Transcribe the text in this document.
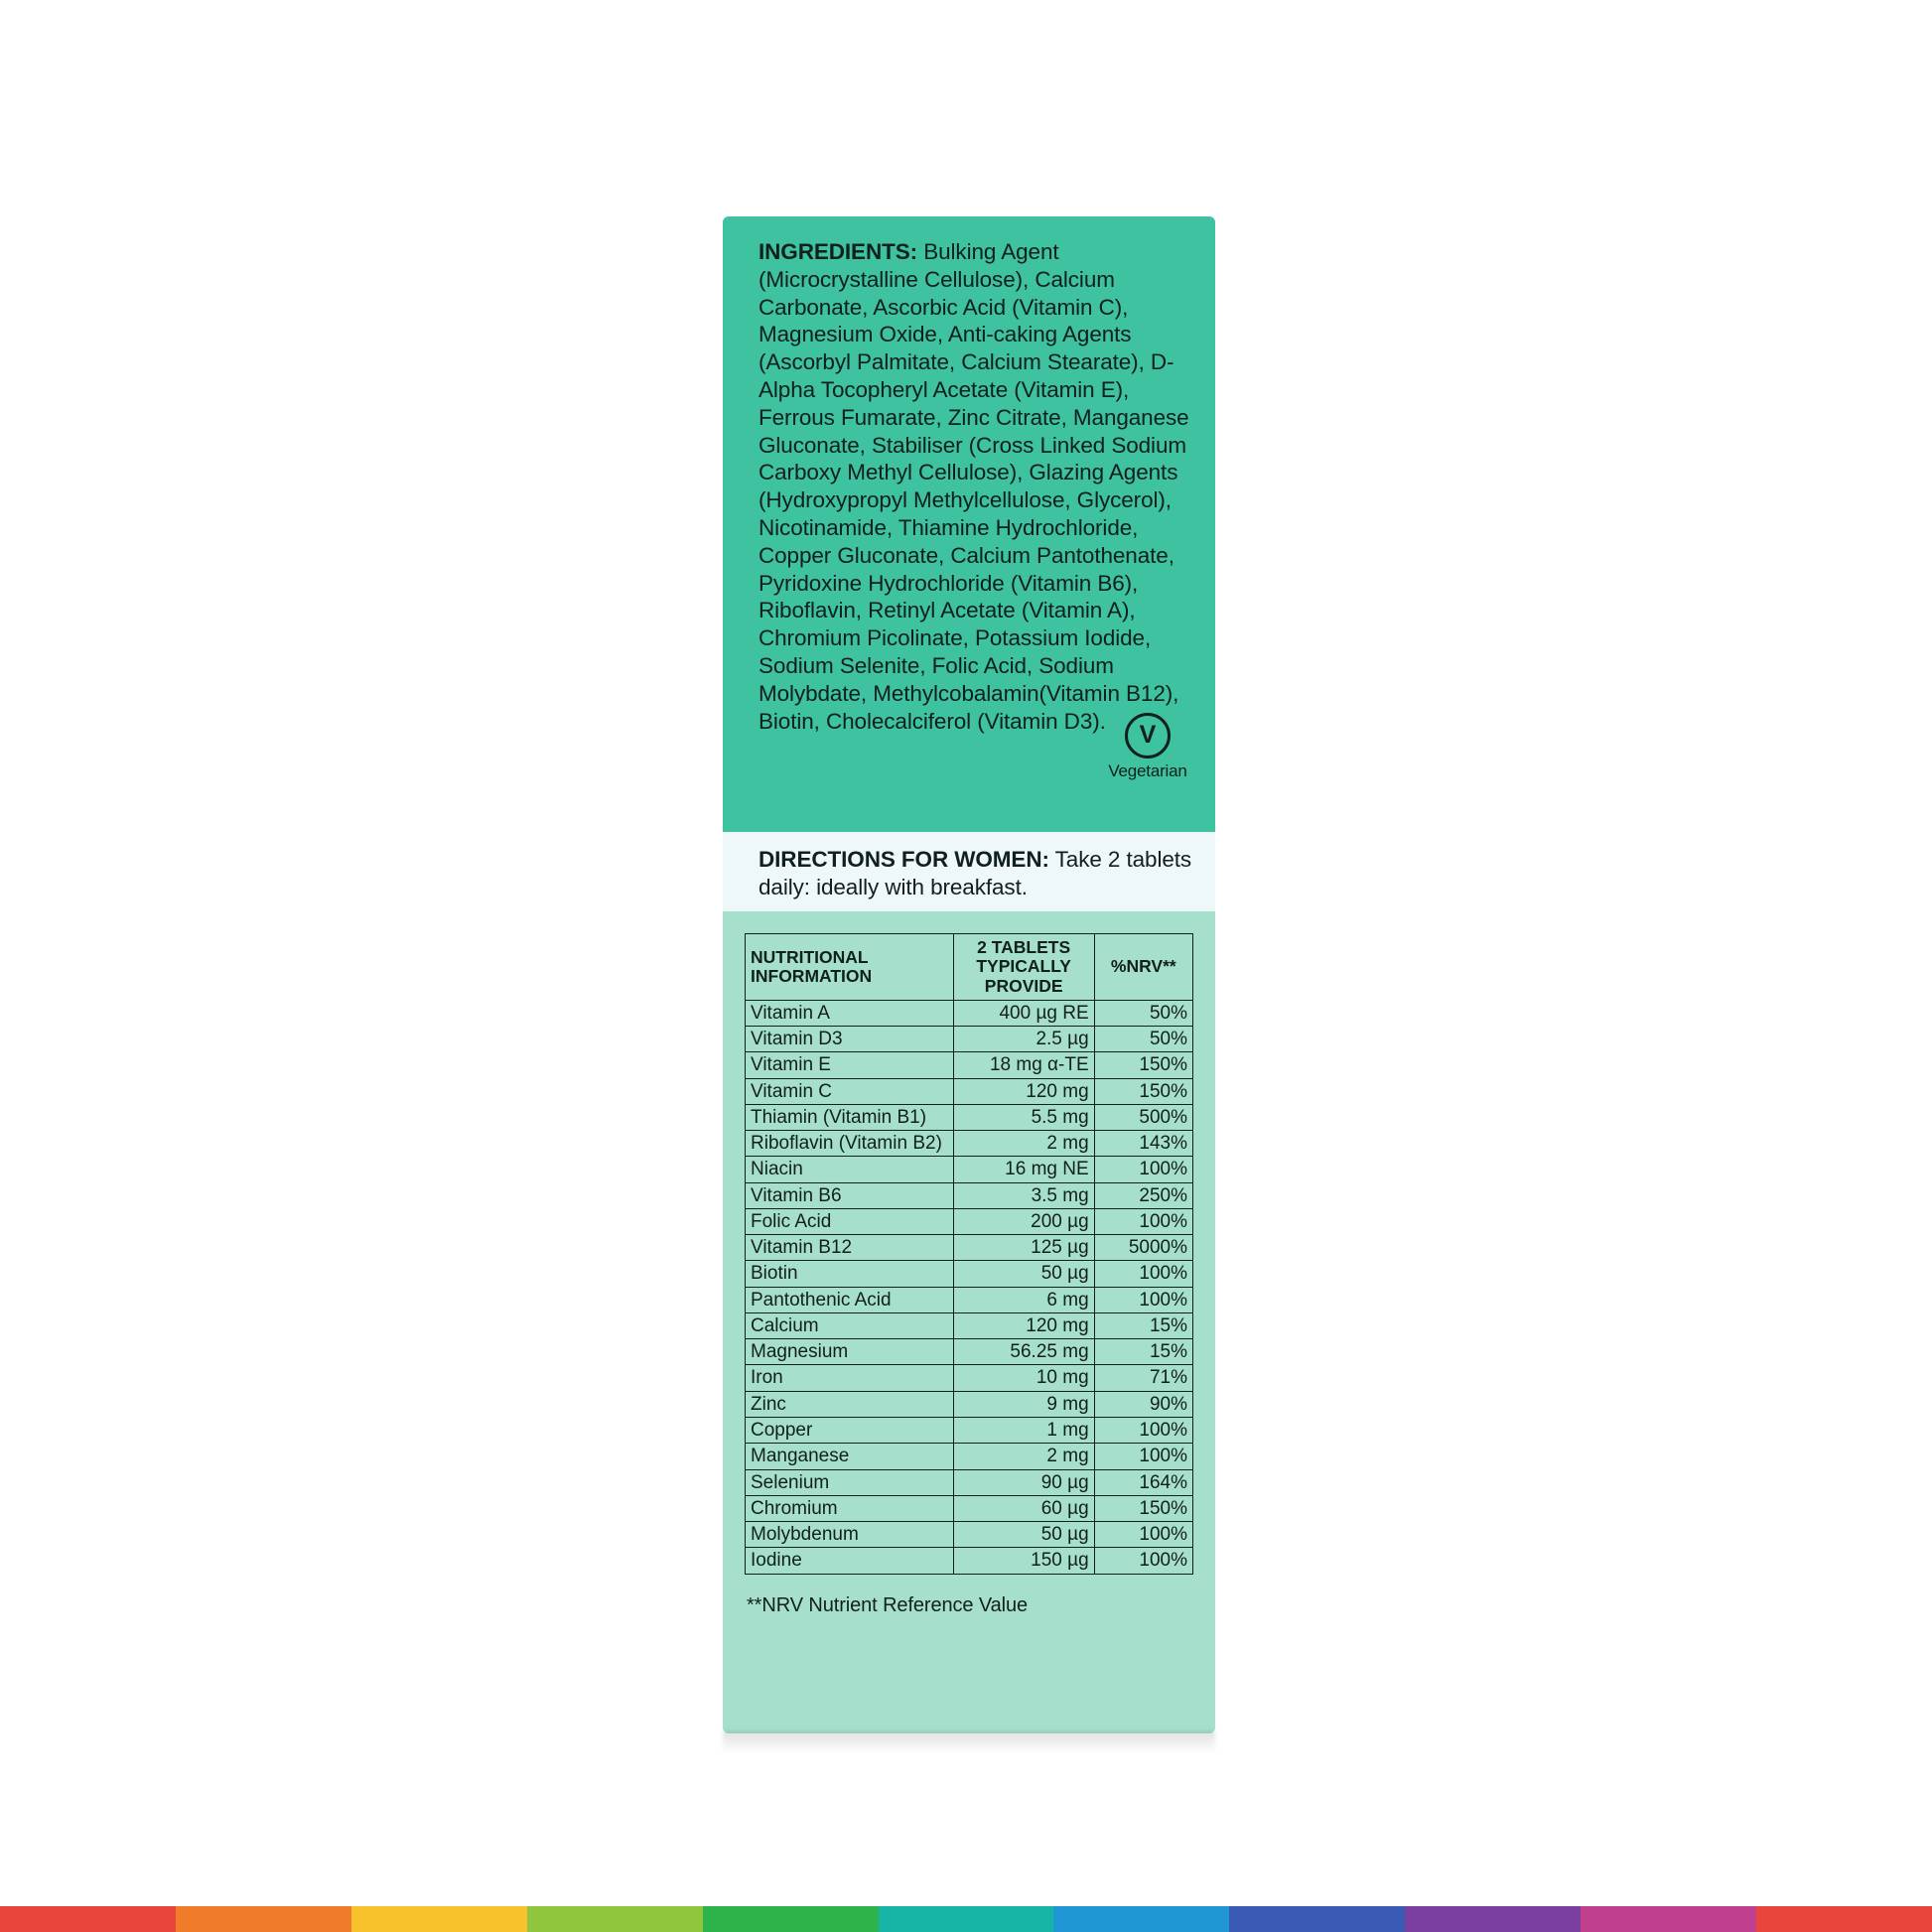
INGREDIENTS: Bulking Agent (Microcrystalline Cellulose), Calcium Carbonate, Ascorbic Acid (Vitamin C), Magnesium Oxide, Anti-caking Agents (Ascorbyl Palmitate, Calcium Stearate), D-Alpha Tocopheryl Acetate (Vitamin E), Ferrous Fumarate, Zinc Citrate, Manganese Gluconate, Stabiliser (Cross Linked Sodium Carboxy Methyl Cellulose), Glazing Agents (Hydroxypropyl Methylcellulose, Glycerol), Nicotinamide, Thiamine Hydrochloride, Copper Gluconate, Calcium Pantothenate, Pyridoxine Hydrochloride (Vitamin B6), Riboflavin, Retinyl Acetate (Vitamin A), Chromium Picolinate, Potassium Iodide, Sodium Selenite, Folic Acid, Sodium Molybdate, Methylcobalamin(Vitamin B12), Biotin, Cholecalciferol (Vitamin D3).	V
Vegetarian
DIRECTIONS FOR WOMEN: Take 2 tablets daily: ideally with breakfast.
NUTRITIONAL INFORMATION	2 TABLETS TYPICALLY PROVIDE	%NRV**
Vitamin A	400 µg RE	50%
Vitamin D3	2.5 µg	50%
Vitamin E	18 mg α-TE	150%
Vitamin C	120 mg	150%
Thiamin (Vitamin B1)	5.5 mg	500%
Riboflavin (Vitamin B2)	2 mg	143%
Niacin	16 mg NE	100%
Vitamin B6	3.5 mg	250%
Folic Acid	200 µg	100%
Vitamin B12	125 µg	5000%
Biotin	50 µg	100%
Pantothenic Acid	6 mg	100%
Calcium	120 mg	15%
Magnesium	56.25 mg	15%
Iron	10 mg	71%
Zinc	9 mg	90%
Copper	1 mg	100%
Manganese	2 mg	100%
Selenium	90 µg	164%
Chromium	60 µg	150%
Molybdenum	50 µg	100%
Iodine	150 µg	100%
**NRV Nutrient Reference Value
